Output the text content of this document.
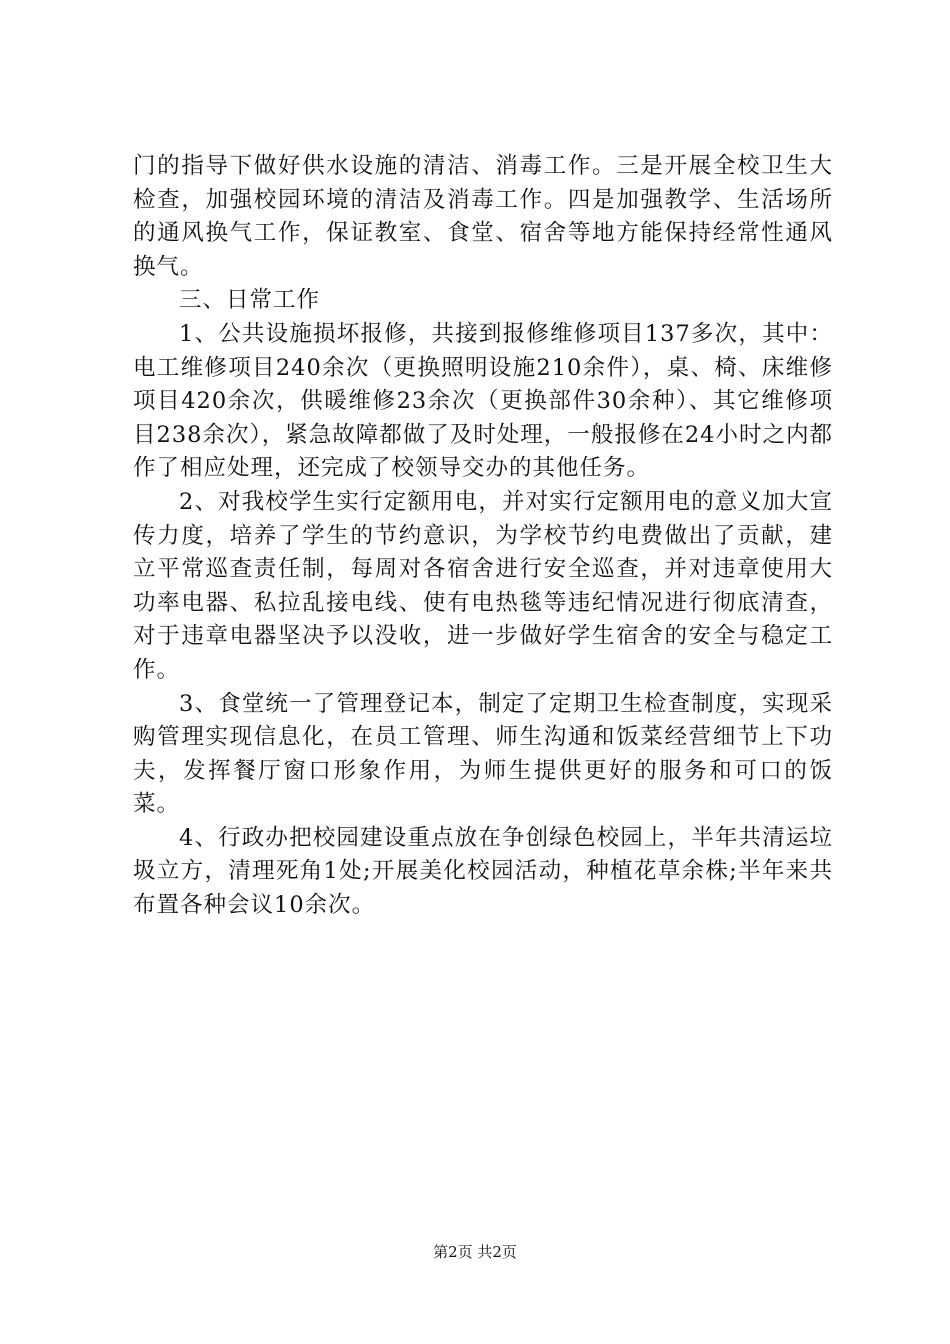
门的指导下做好供水设施的清洁、消毒工作。三是开展全校卫生大检查，加强校园环境的清洁及消毒工作。四是加强教学、生活场所的通风换气工作，保证教室、食堂、宿舍等地方能保持经常性通风换气。

三、日常工作

1、公共设施损坏报修，共接到报修维修项目137多次，其中：电工维修项目240余次（更换照明设施210余件），桌、椅、床维修项目420余次，供暖维修23余次（更换部件30余种）、其它维修项目238余次），紧急故障都做了及时处理，一般报修在24小时之内都作了相应处理，还完成了校领导交办的其他任务。

2、对我校学生实行定额用电，并对实行定额用电的意义加大宣传力度，培养了学生的节约意识，为学校节约电费做出了贡献，建立平常巡查责任制，每周对各宿舍进行安全巡查，并对违章使用大功率电器、私拉乱接电线、使有电热毯等违纪情况进行彻底清查，对于违章电器坚决予以没收，进一步做好学生宿舍的安全与稳定工作。

3、食堂统一了管理登记本，制定了定期卫生检查制度，实现采购管理实现信息化，在员工管理、师生沟通和饭菜经营细节上下功夫，发挥餐厅窗口形象作用，为师生提供更好的服务和可口的饭菜。

4、行政办把校园建设重点放在争创绿色校园上，半年共清运垃圾立方，清理死角1处;开展美化校园活动，种植花草余株;半年来共布置各种会议10余次。

第2页 共2页
